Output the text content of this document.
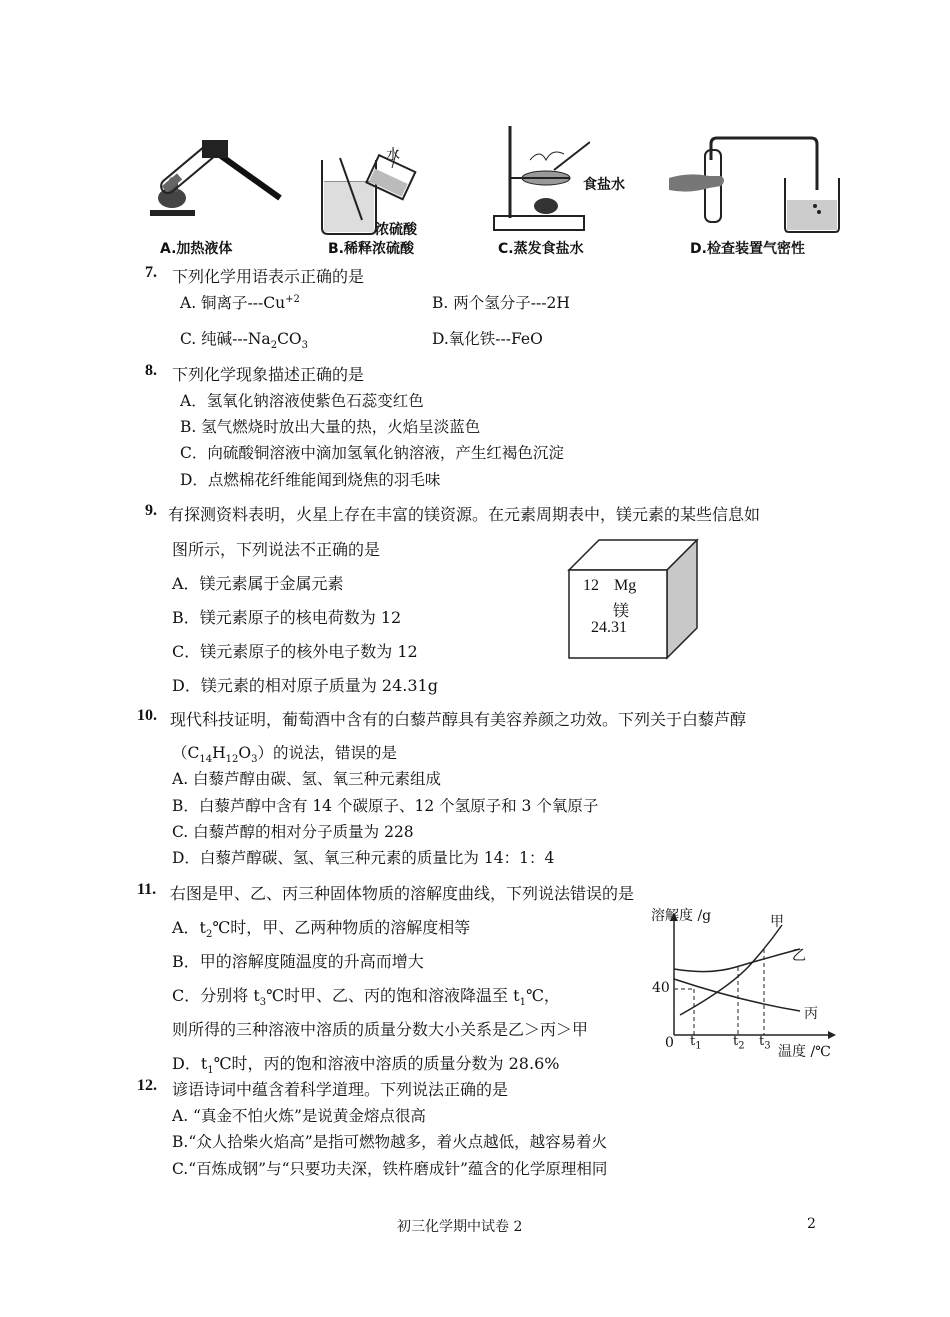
水
浓硫酸
食盐水
A.加热液体	B.稀释浓硫酸	C.蒸发食盐水	D.检查装置气密性
7. 下列化学用语表示正确的是
A. 铜离子$---Cu^{+2}$	B. 两个氢分子---2H
C. 纯碱$---Na_2CO_3$	D.氧化铁---FeO
8. 下列化学现象描述正确的是
A．氢氧化钠溶液使紫色石蕊变红色
B. 氢气燃烧时放出大量的热，火焰呈淡蓝色
C．向硫酸铜溶液中滴加氢氧化钠溶液，产生红褐色沉淀
D．点燃棉花纤维能闻到烧焦的羽毛味
9. 有探测资料表明，火星上存在丰富的镁资源。在元素周期表中，镁元素的某些信息如
图所示，下列说法不正确的是
A．镁元素属于金属元素
B．镁元素原子的核电荷数为 12
C．镁元素原子的核外电子数为 12
D．镁元素的相对原子质量为 24.31g
12 Mg
镁
24.31
10. 现代科技证明，葡萄酒中含有的白藜芦醇具有美容养颜之功效。下列关于白藜芦醇
$(C_{14}H_{12}O_3)$的说法，错误的是
A. 白藜芦醇由碳、氢、氧三种元素组成
B．白藜芦醇中含有 14 个碳原子、12 个氢原子和 3 个氧原子
C. 白藜芦醇的相对分子质量为 228
D．白藜芦醇碳、氢、氧三种元素的质量比为 14：1：4
11. 右图是甲、乙、丙三种固体物质的溶解度曲线，下列说法错误的是
A．$t_2℃$时，甲、乙两种物质的溶解度相等
B．甲的溶解度随温度的升高而增大
C．分别将 $t_3℃$时甲、乙、丙的饱和溶液降温至 $t_1℃$，
则所得的三种溶液中溶质的质量分数大小关系是乙＞丙＞甲
D．$t_1℃$时，丙的饱和溶液中溶质的质量分数为 28.6%
溶解度 /g
温度 /℃
0
40
$t_1$ $t_2$ $t_3$
甲
乙
丙
12. 谚语诗词中蕴含着科学道理。下列说法正确的是
A. “真金不怕火炼”是说黄金熔点很高
B.“众人拾柴火焰高”是指可燃物越多，着火点越低，越容易着火
C.“百炼成钢”与“只要功夫深，铁杵磨成针”蕴含的化学原理相同
初三化学期中试卷 2	2
